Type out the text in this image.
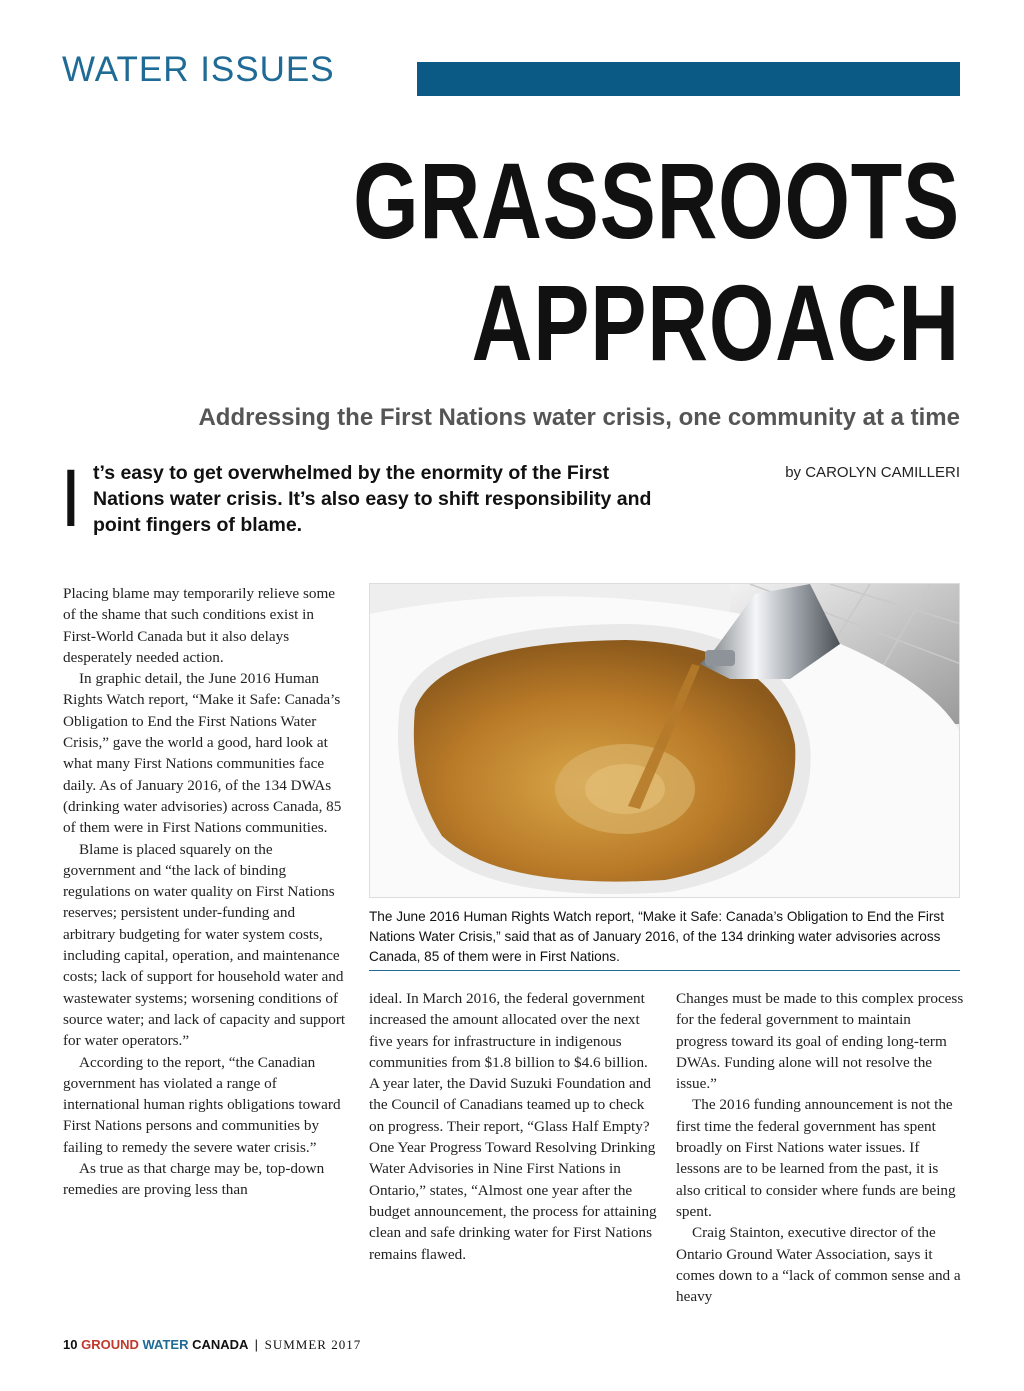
WATER ISSUES
GRASSROOTS
APPROACH
Addressing the First Nations water crisis, one community at a time
I t’s easy to get overwhelmed by the enormity of the First Nations water crisis. It’s also easy to shift responsibility and point fingers of blame.
by CAROLYN CAMILLERI
The June 2016 Human Rights Watch report, “Make it Safe: Canada’s Obligation to End the First Nations Water Crisis,” said that as of January 2016, of the 134 drinking water advisories across Canada, 85 of them were in First Nations.

Placing blame may temporarily relieve some of the shame that such conditions exist in First-World Canada but it also delays desperately needed action.

In graphic detail, the June 2016 Human Rights Watch report, “Make it Safe: Canada’s Obligation to End the First Nations Water Crisis,” gave the world a good, hard look at what many First Nations communities face daily. As of January 2016, of the 134 DWAs (drinking water advisories) across Canada, 85 of them were in First Nations communities.

Blame is placed squarely on the government and “the lack of binding regulations on water quality on First Nations reserves; persistent under-funding and arbitrary budgeting for water system costs, including capital, operation, and maintenance costs; lack of support for household water and wastewater systems; worsening conditions of source water; and lack of capacity and support for water operators.”

According to the report, “the Canadian government has violated a range of international human rights obligations toward First Nations persons and communities by failing to remedy the severe water crisis.”

As true as that charge may be, top-down remedies are proving less than

ideal. In March 2016, the federal government increased the amount allocated over the next five years for infrastructure in indigenous communities from $1.8 billion to $4.6 billion. A year later, the David Suzuki Foundation and the Council of Canadians teamed up to check on progress. Their report, “Glass Half Empty? One Year Progress Toward Resolving Drinking Water Advisories in Nine First Nations in Ontario,” states, “Almost one year after the budget announcement, the process for attaining clean and safe drinking water for First Nations remains flawed.

Changes must be made to this complex process for the federal government to maintain progress toward its goal of ending long-term DWAs. Funding alone will not resolve the issue.”

The 2016 funding announcement is not the first time the federal government has spent broadly on First Nations water issues. If lessons are to be learned from the past, it is also critical to consider where funds are being spent.

Craig Stainton, executive director of the Ontario Ground Water Association, says it comes down to a “lack of common sense and a heavy

10 GROUND WATER CANADA | SUMMER 2017
